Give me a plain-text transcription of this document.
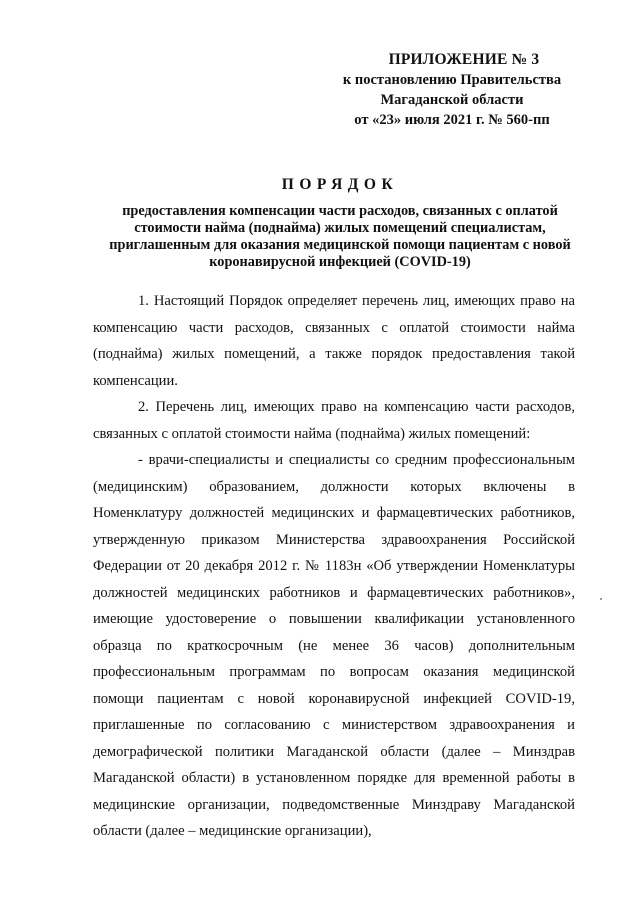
ПРИЛОЖЕНИЕ № 3
к постановлению Правительства
Магаданской области
от «23» июля 2021 г. № 560-пп
ПОРЯДОК
предоставления компенсации части расходов, связанных с оплатой стоимости найма (поднайма) жилых помещений специалистам, приглашенным для оказания медицинской помощи пациентам с новой коронавирусной инфекцией (COVID-19)

1. Настоящий Порядок определяет перечень лиц, имеющих право на компенсацию части расходов, связанных с оплатой стоимости найма (поднайма) жилых помещений, а также порядок предоставления такой компенсации.

2. Перечень лиц, имеющих право на компенсацию части расходов, связанных с оплатой стоимости найма (поднайма) жилых помещений:

- врачи-специалисты и специалисты со средним профессиональным (медицинским) образованием, должности которых включены в Номенклатуру должностей медицинских и фармацевтических работников, утвержденную приказом Министерства здравоохранения Российской Федерации от 20 декабря 2012 г. № 1183н «Об утверждении Номенклатуры должностей медицинских работников и фармацевтических работников», имеющие удостоверение о повышении квалификации установленного образца по краткосрочным (не менее 36 часов) дополнительным профессиональным программам по вопросам оказания медицинской помощи пациентам с новой коронавирусной инфекцией COVID-19, приглашенные по согласованию с министерством здравоохранения и демографической политики Магаданской области (далее – Минздрав Магаданской области) в установленном порядке для временной работы в медицинские организации, подведомственные Минздраву Магаданской области (далее – медицинские организации),
